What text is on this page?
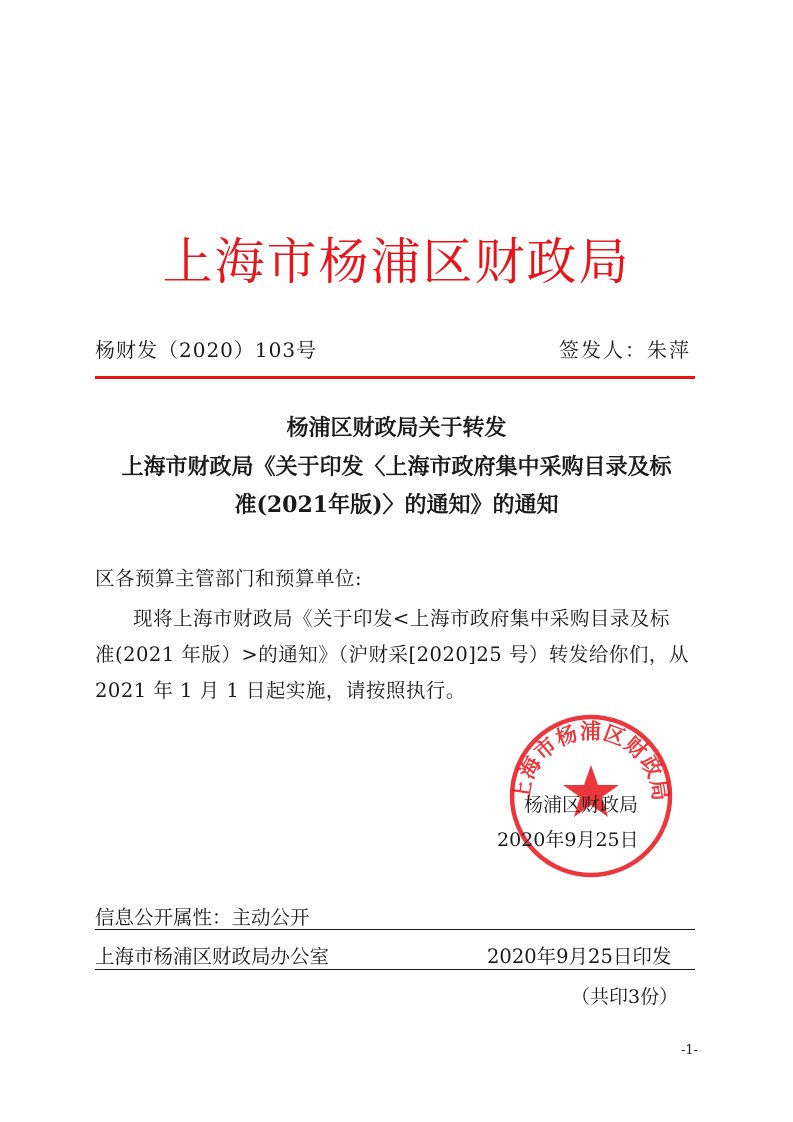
上海市杨浦区财政局
杨财发（2020）103号	签发人：朱萍
杨浦区财政局关于转发
上海市财政局《关于印发〈上海市政府集中采购目录及标
准(2021年版)〉的通知》的通知
区各预算主管部门和预算单位:
现将上海市财政局《关于印发<上海市政府集中采购目录及标
准(2021 年版）>的通知》（沪财采[2020]25 号）转发给你们，从
2021 年 1 月 1 日起实施，请按照执行。
上海市杨浦区财政局
杨浦区财政局
2020年9月25日
信息公开属性：主动公开
上海市杨浦区财政局办公室	2020年9月25日印发
（共印3份）
-1-
